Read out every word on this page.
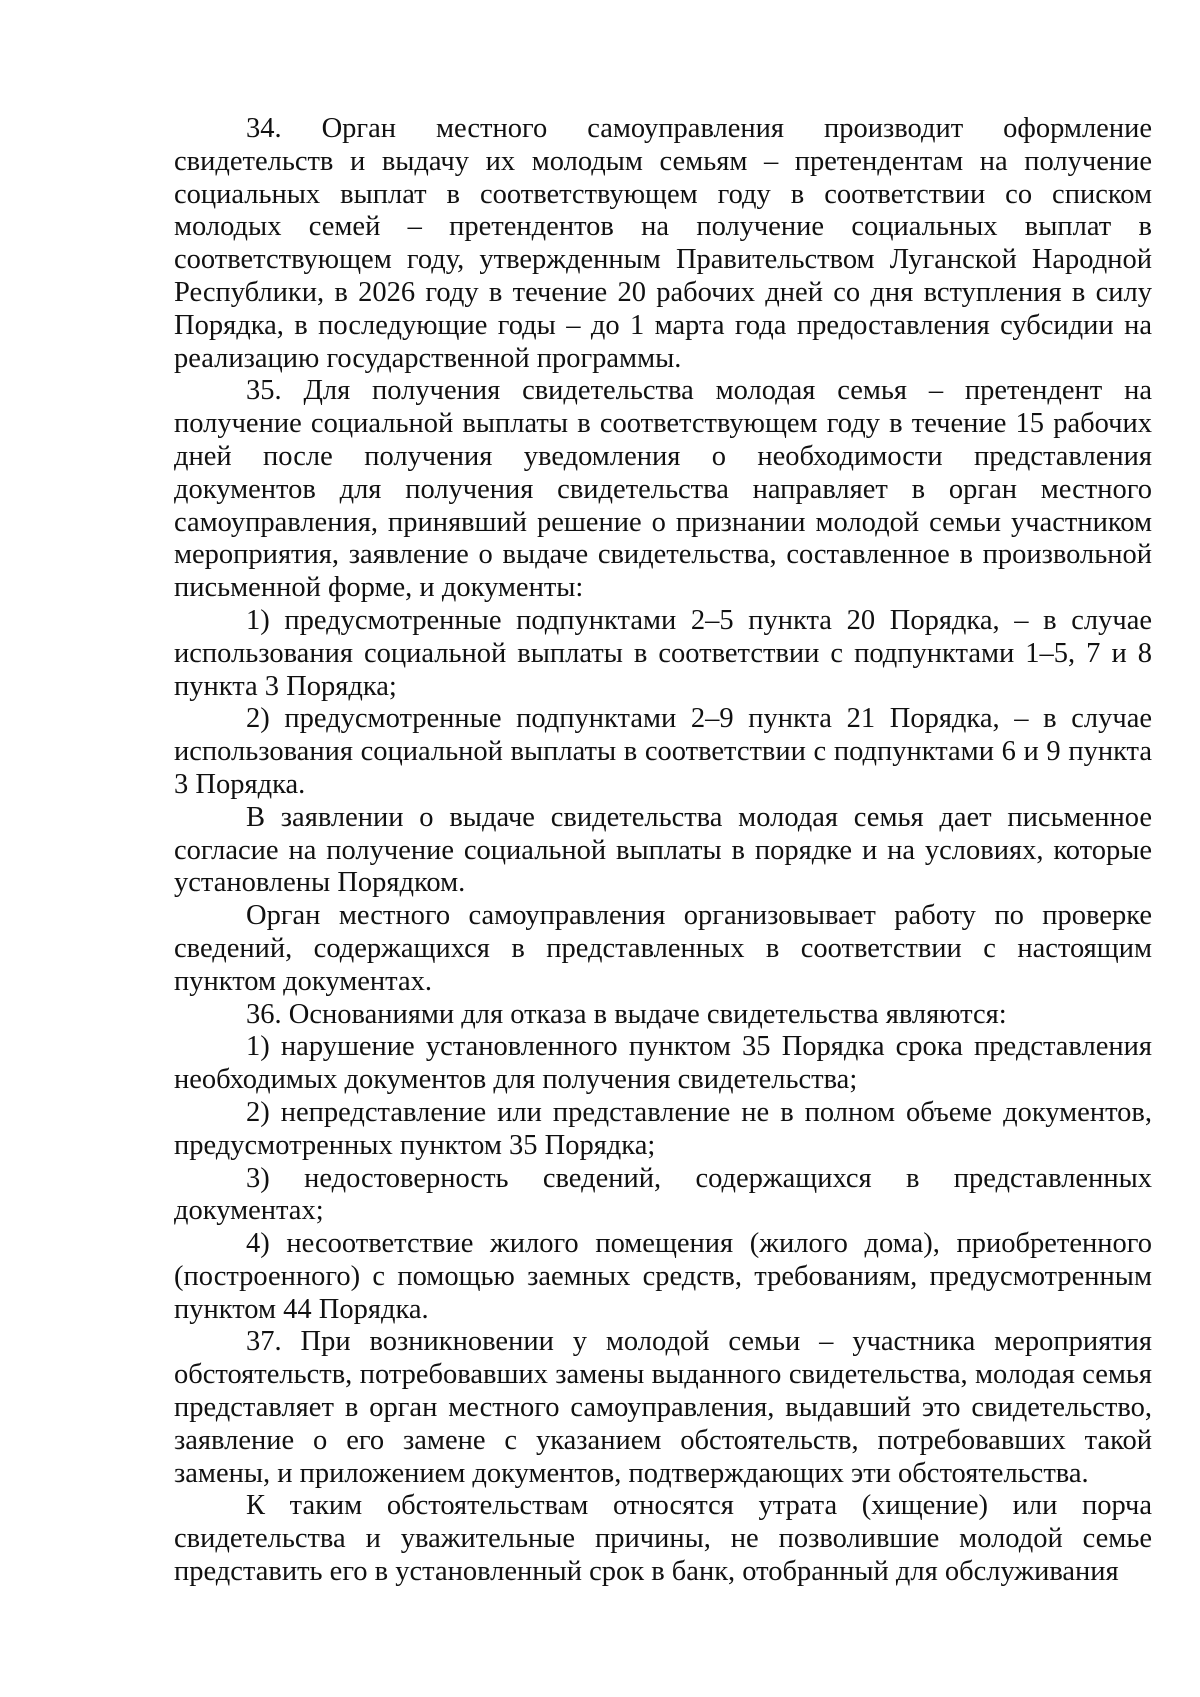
34. Орган местного самоуправления производит оформление свидетельств и выдачу их молодым семьям – претендентам на получение социальных выплат в соответствующем году в соответствии со списком молодых семей – претендентов на получение социальных выплат в соответствующем году, утвержденным Правительством Луганской Народной Республики, в 2026 году в течение 20 рабочих дней со дня вступления в силу Порядка, в последующие годы – до 1 марта года предоставления субсидии на реализацию государственной программы.

35. Для получения свидетельства молодая семья – претендент на получение социальной выплаты в соответствующем году в течение 15 рабочих дней после получения уведомления о необходимости представления документов для получения свидетельства направляет в орган местного самоуправления, принявший решение о признании молодой семьи участником мероприятия, заявление о выдаче свидетельства, составленное в произвольной письменной форме, и документы:

1) предусмотренные подпунктами 2–5 пункта 20 Порядка, – в случае использования социальной выплаты в соответствии с подпунктами 1–5, 7 и 8 пункта 3 Порядка;

2) предусмотренные подпунктами 2–9 пункта 21 Порядка, – в случае использования социальной выплаты в соответствии с подпунктами 6 и 9 пункта 3 Порядка.

В заявлении о выдаче свидетельства молодая семья дает письменное согласие на получение социальной выплаты в порядке и на условиях, которые установлены Порядком.

Орган местного самоуправления организовывает работу по проверке сведений, содержащихся в представленных в соответствии с настоящим пунктом документах.

36. Основаниями для отказа в выдаче свидетельства являются:

1) нарушение установленного пунктом 35 Порядка срока представления необходимых документов для получения свидетельства;

2) непредставление или представление не в полном объеме документов, предусмотренных пунктом 35 Порядка;

3) недостоверность сведений, содержащихся в представленных документах;

4) несоответствие жилого помещения (жилого дома), приобретенного (построенного) с помощью заемных средств, требованиям, предусмотренным пунктом 44 Порядка.

37. При возникновении у молодой семьи – участника мероприятия обстоятельств, потребовавших замены выданного свидетельства, молодая семья представляет в орган местного самоуправления, выдавший это свидетельство, заявление о его замене с указанием обстоятельств, потребовавших такой замены, и приложением документов, подтверждающих эти обстоятельства.

К таким обстоятельствам относятся утрата (хищение) или порча свидетельства и уважительные причины, не позволившие молодой семье представить его в установленный срок в банк, отобранный для обслуживания
